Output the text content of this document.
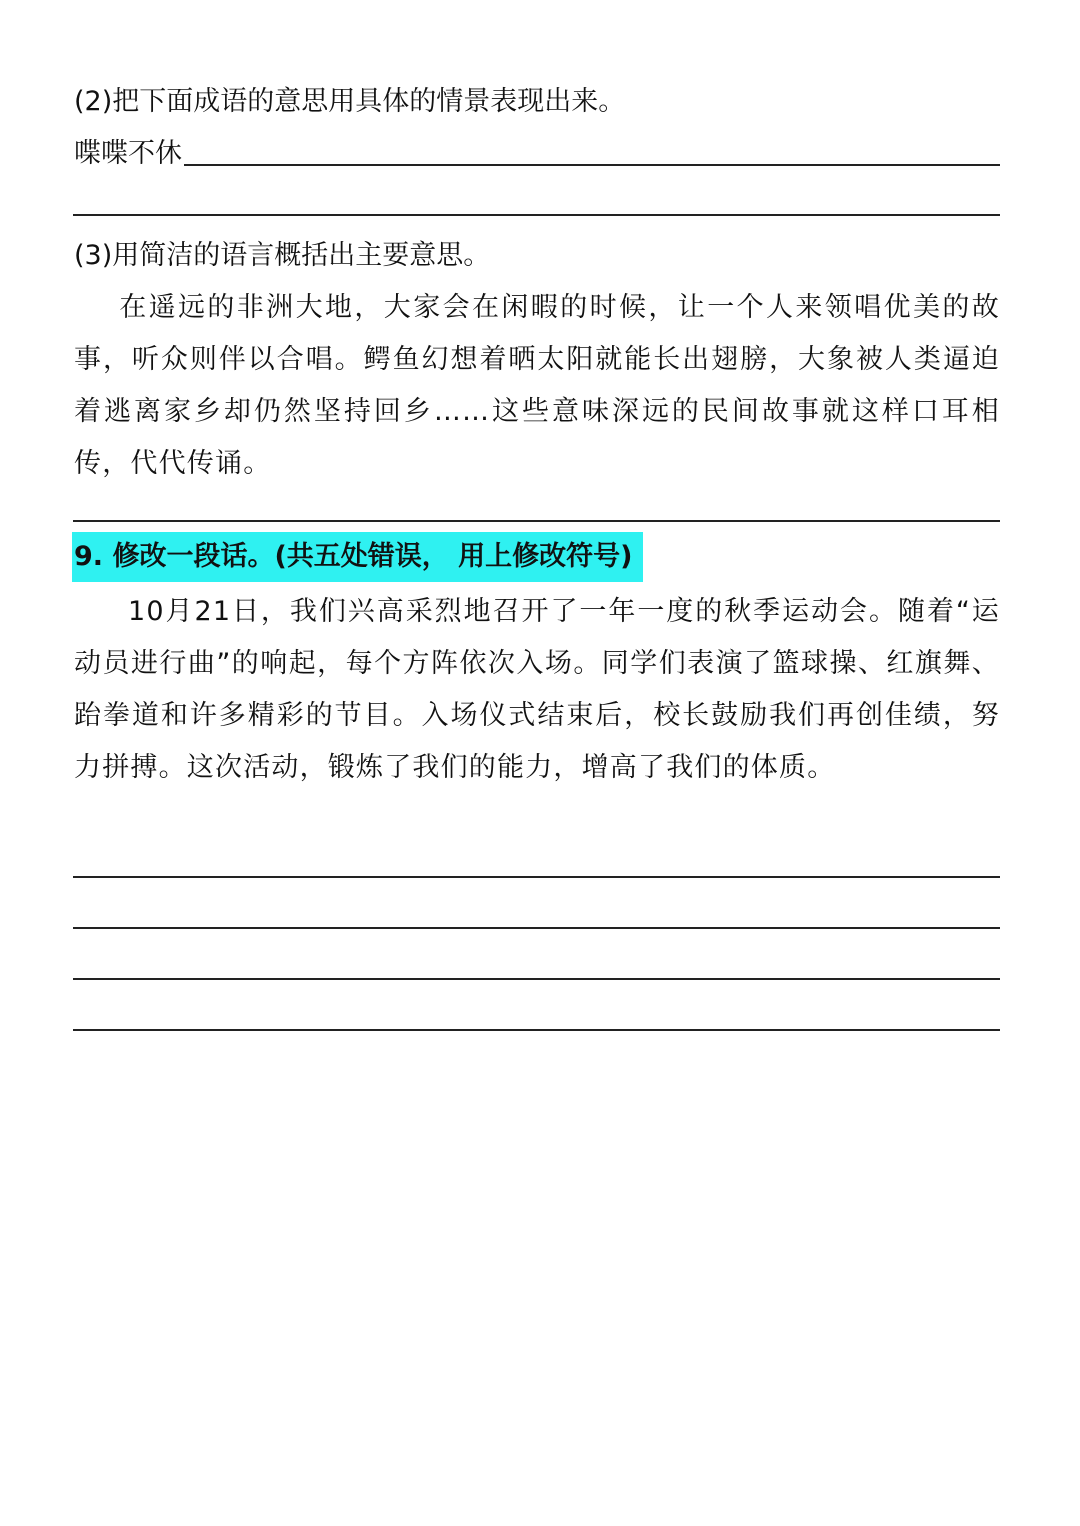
(2)把下面成语的意思用具体的情景表现出来。
喋喋不休
(3)用简洁的语言概括出主要意思。
在遥远的非洲大地，大家会在闲暇的时候，让一个人来领唱优美的故事，听众则伴以合唱。鳄鱼幻想着晒太阳就能长出翅膀，大象被人类逼迫着逃离家乡却仍然坚持回乡……这些意味深远的民间故事就这样口耳相传，代代传诵。
9. 修改一段话。(共五处错误， 用上修改符号)
10月21日，我们兴高采烈地召开了一年一度的秋季运动会。随着“运动员进行曲”的响起，每个方阵依次入场。同学们表演了篮球操、红旗舞、跆拳道和许多精彩的节目。入场仪式结束后，校长鼓励我们再创佳绩，努力拼搏。这次活动，锻炼了我们的能力，增高了我们的体质。
